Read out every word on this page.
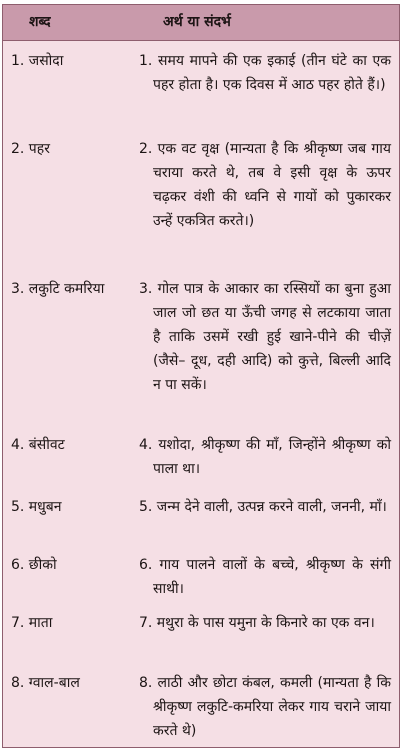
शब्द	अर्थ या संदर्भ
1. जसोदा	1. समय मापने की एक इकाई (तीन घंटे का एक पहर होता है। एक दिवस में आठ पहर होते हैं।)
2. पहर	2. एक वट वृक्ष (मान्यता है कि श्रीकृष्ण जब गाय चराया करते थे, तब वे इसी वृक्ष के ऊपर चढ़कर वंशी की ध्वनि से गायों को पुकारकर उन्हें एकत्रित करते।)
3. लकुटि कमरिया	3. गोल पात्र के आकार का रस्सियों का बुना हुआ जाल जो छत या ऊँची जगह से लटकाया जाता है ताकि उसमें रखी हुई खाने-पीने की चीज़ें (जैसे– दूध, दही आदि) को कुत्ते, बिल्ली आदि न पा सकें।
4. बंसीवट	4. यशोदा, श्रीकृष्ण की माँ, जिन्होंने श्रीकृष्ण को पाला था।
5. मधुबन	5. जन्म देने वाली, उत्पन्न करने वाली, जननी, माँ।
6. छीको	6. गाय पालने वालों के बच्चे, श्रीकृष्ण के संगी साथी।
7. माता	7. मथुरा के पास यमुना के किनारे का एक वन।
8. ग्वाल-बाल	8. लाठी और छोटा कंबल, कमली (मान्यता है कि श्रीकृष्ण लकुटि-कमरिया लेकर गाय चराने जाया करते थे)
